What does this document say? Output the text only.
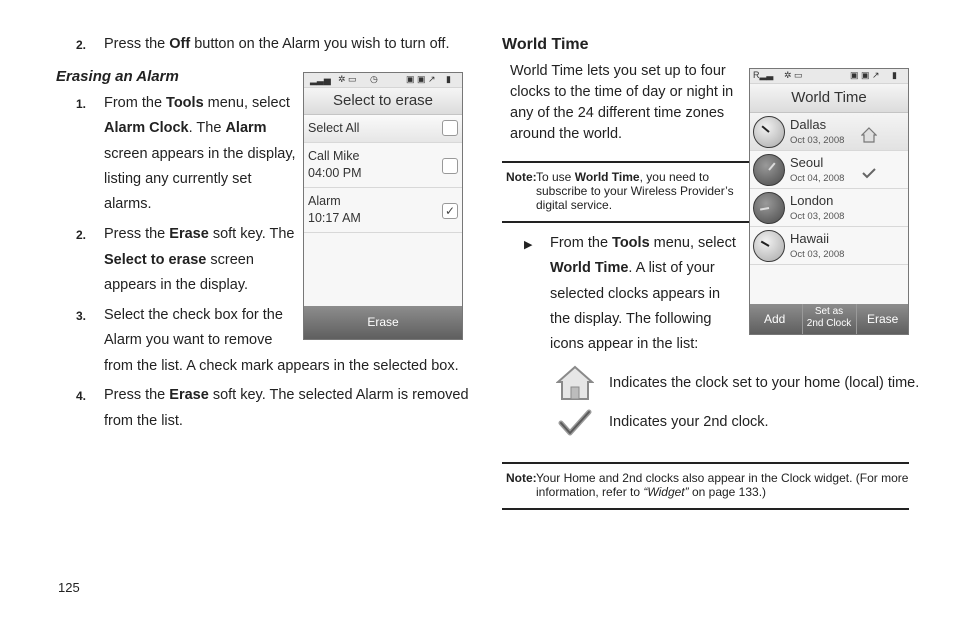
2. Press the Off button on the Alarm you wish to turn off.
Erasing an Alarm
1. From the Tools menu, select
Alarm Clock. The Alarm
screen appears in the display,
listing any currently set
alarms.
2. Press the Erase soft key. The
Select to erase screen
appears in the display.
3. Select the check box for the
Alarm you want to remove
from the list. A check mark appears in the selected box.
4. Press the Erase soft key. The selected Alarm is removed
from the list.
▂▃▅ ✲ ▭ ◷	▣ ▣ ↗ ▮
Select to erase
Select All
Call Mike
04:00 PM
Alarm
10:17 AM	✓
Erase
World Time
World Time lets you set up to four
clocks to the time of day or night in
any of the 24 different time zones
around the world.
Note: To use World Time, you need to
subscribe to your Wireless Provider’s
digital service.
▶ From the Tools menu, select
World Time. A list of your
selected clocks appears in
the display. The following
icons appear in the list:
Indicates the clock set to your home (local) time.
Indicates your 2nd clock.
Note: Your Home and 2nd clocks also appear in the Clock widget. (For more
information, refer to “Widget” on page 133.)
R▂▃ ✲ ▭	▣ ▣ ↗ ▮
World Time
Dallas
Oct 03, 2008
Seoul
Oct 04, 2008
London
Oct 03, 2008
Hawaii
Oct 03, 2008
Add
Set as
2nd Clock	Erase
125
